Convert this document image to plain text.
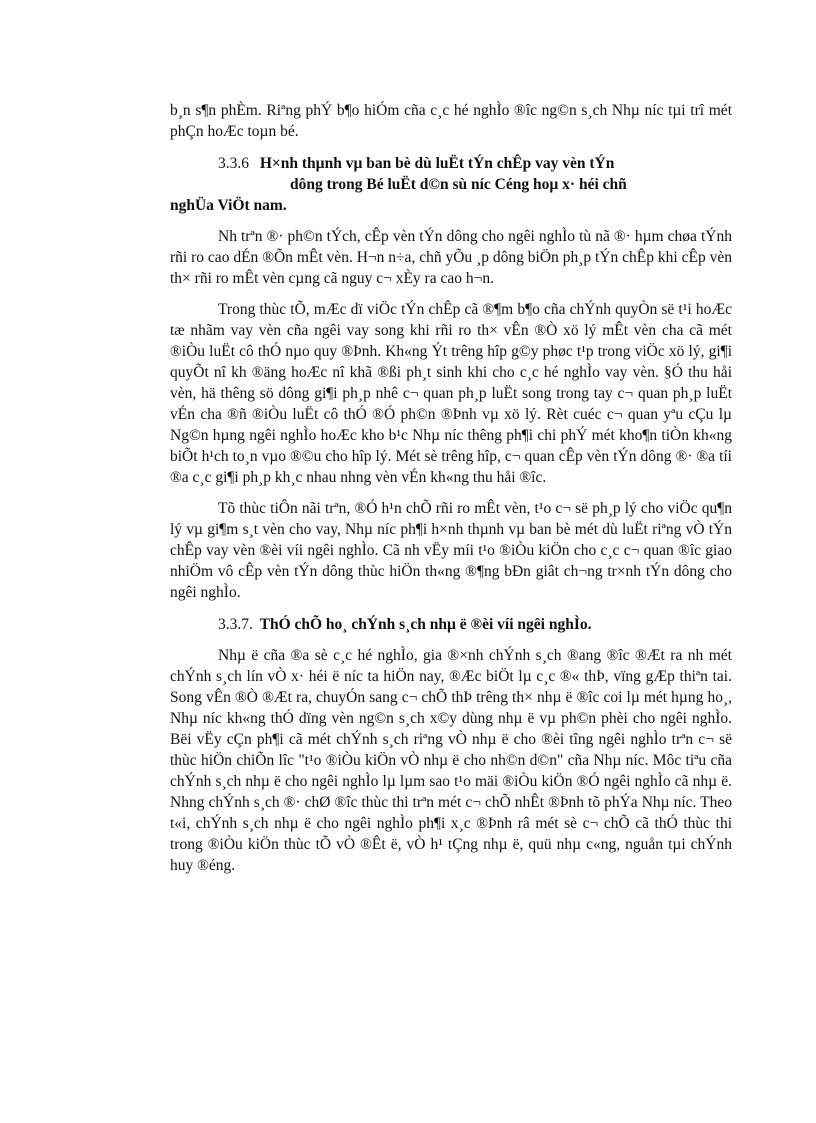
b¸n s¶n phÈm. Riªng phÝ b¶o hiÓm cña c¸c hé nghÌo ®îc ng©n s¸ch Nhµ níc tµi trî mét phÇn hoÆc toµn bé.

3.3.6 H×nh thµnh vµ ban bè dù luËt tÝn chÊp vay vèn tÝn

dông trong Bé luËt d©n sù níc Céng hoµ x· héi chñ

nghÜa ViÖt nam.

Nh trªn ®· ph©n tÝch, cÊp vèn tÝn dông cho ngêi nghÌo tù nã ®· hµm chøa tÝnh rñi ro cao dÉn ®Õn mÊt vèn. H¬n n÷a, chñ yÕu ¸p dông biÖn ph¸p tÝn chÊp khi cÊp vèn th× rñi ro mÊt vèn cµng cã nguy c¬ xÈy ra cao h¬n.

Trong thùc tÕ, mÆc dï viÖc tÝn chÊp cã ®¶m b¶o cña chÝnh quyÒn së t¹i hoÆc tæ nhãm vay vèn cña ngêi vay song khi rñi ro th× vÊn ®Ò xö lý mÊt vèn cha cã mét ®iÒu luËt cô thÓ nµo quy ®Þnh. Kh«ng Ýt trêng hîp g©y phøc t¹p trong viÖc xö lý, gi¶i quyÕt nî kh ®äng hoÆc nî khã ®ßi ph¸t sinh khi cho c¸c hé nghÌo vay vèn. §Ó thu håi vèn, hä thêng sö dông gi¶i ph¸p nhê c¬ quan ph¸p luËt song trong tay c¬ quan ph¸p luËt vÉn cha ®ñ ®iÒu luËt cô thÓ ®Ó ph©n ®Þnh vµ xö lý. Rèt cuéc c¬ quan yªu cÇu lµ Ng©n hµng ngêi nghÌo hoÆc kho b¹c Nhµ níc thêng ph¶i chi phÝ mét kho¶n tiÒn kh«ng biÕt h¹ch to¸n vµo ®©u cho hîp lý. Mét sè trêng hîp, c¬ quan cÊp vèn tÝn dông ®· ®a tíi ®a c¸c gi¶i ph¸p kh¸c nhau nhng vèn vÉn kh«ng thu håi ®îc.

Tõ thùc tiÔn nãi trªn, ®Ó h¹n chÕ rñi ro mÊt vèn, t¹o c¬ së ph¸p lý cho viÖc qu¶n lý vµ gi¶m s¸t vèn cho vay, Nhµ níc ph¶i h×nh thµnh vµ ban bè mét dù luËt riªng vÒ tÝn chÊp vay vèn ®èi víi ngêi nghÌo. Cã nh vËy míi t¹o ®iÒu kiÖn cho c¸c c¬ quan ®îc giao nhiÖm vô cÊp vèn tÝn dông thùc hiÖn th«ng ®¶ng bÐn giât ch¬ng tr×nh tÝn dông cho ngêi nghÌo.

3.3.7. ThÓ chÕ ho¸ chÝnh s¸ch nhµ ë ®èi víi ngêi nghÌo.

Nhµ ë cña ®a sè c¸c hé nghÌo, gia ®×nh chÝnh s¸ch ®ang ®îc ®Æt ra nh mét chÝnh s¸ch lín vÒ x· héi ë níc ta hiÖn nay, ®Æc biÖt lµ c¸c ®« thÞ, vïng gÆp thiªn tai. Song vÊn ®Ò ®Æt ra, chuyÓn sang c¬ chÕ thÞ trêng th× nhµ ë ®îc coi lµ mét hµng ho¸, Nhµ níc kh«ng thÓ dïng vèn ng©n s¸ch x©y dùng nhµ ë vµ ph©n phèi cho ngêi nghÌo. Bëi vËy cÇn ph¶i cã mét chÝnh s¸ch riªng vÒ nhµ ë cho ®èi tîng ngêi nghÌo trªn c¬ së thùc hiÖn chiÕn lîc "t¹o ®iÒu kiÖn vÒ nhµ ë cho nh©n d©n" cña Nhµ níc. Môc tiªu cña chÝnh s¸ch nhµ ë cho ngêi nghÌo lµ lµm sao t¹o mäi ®iÒu kiÖn ®Ó ngêi nghÌo cã nhµ ë. Nhng chÝnh s¸ch ®· chØ ®îc thùc thi trªn mét c¬ chÕ nhÊt ®Þnh tõ phÝa Nhµ níc. Theo t«i, chÝnh s¸ch nhµ ë cho ngêi nghÌo ph¶i x¸c ®Þnh râ mét sè c¬ chÕ cã thÓ thùc thi trong ®iÒu kiÖn thùc tÕ vÒ ®Êt ë, vÒ h¹ tÇng nhµ ë, quü nhµ c«ng, nguån tµi chÝnh huy ®éng.
